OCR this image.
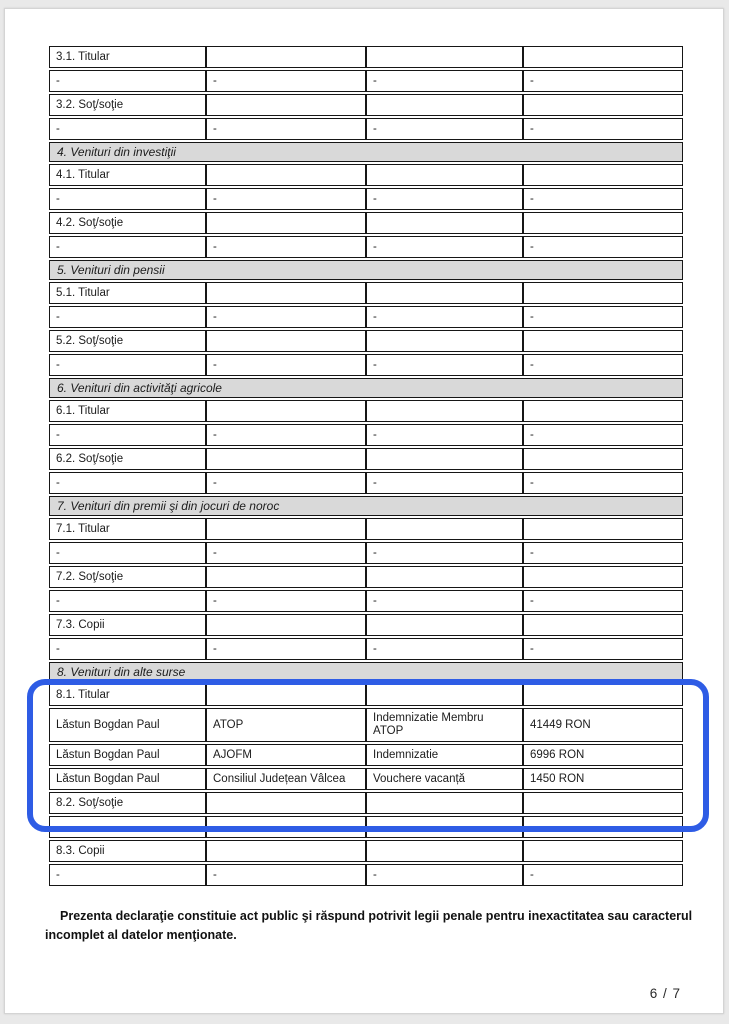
3.1. Titular			
-	-	-	-
3.2. Soţ/soţie			
-	-	-	-
4. Venituri din investiţii			
4.1. Titular			
-	-	-	-
4.2. Soţ/soţie			
-	-	-	-
5. Venituri din pensii			
5.1. Titular			
-	-	-	-
5.2. Soţ/soţie			
-	-	-	-
6. Venituri din activităţi agricole			
6.1. Titular			
-	-	-	-
6.2. Soţ/soţie			
-	-	-	-
7. Venituri din premii şi din jocuri de noroc			
7.1. Titular			
-	-	-	-
7.2. Soţ/soţie			
-	-	-	-
7.3. Copii			
-	-	-	-
8. Venituri din alte surse			
8.1. Titular			
Lăstun Bogdan Paul	ATOP	Indemnizatie Membru ATOP	41449 RON
Lăstun Bogdan Paul	AJOFM	Indemnizatie	6996 RON
Lăstun Bogdan Paul	Consiliul Județean Vâlcea	Vouchere vacanță	1450 RON
8.2. Soţ/soţie			
-	-	-	-
8.3. Copii			
-	-	-	-

Prezenta declaraţie constituie act public şi răspund potrivit legii penale pentru inexactitatea sau caracterul incomplet al datelor menţionate.

6 / 7
